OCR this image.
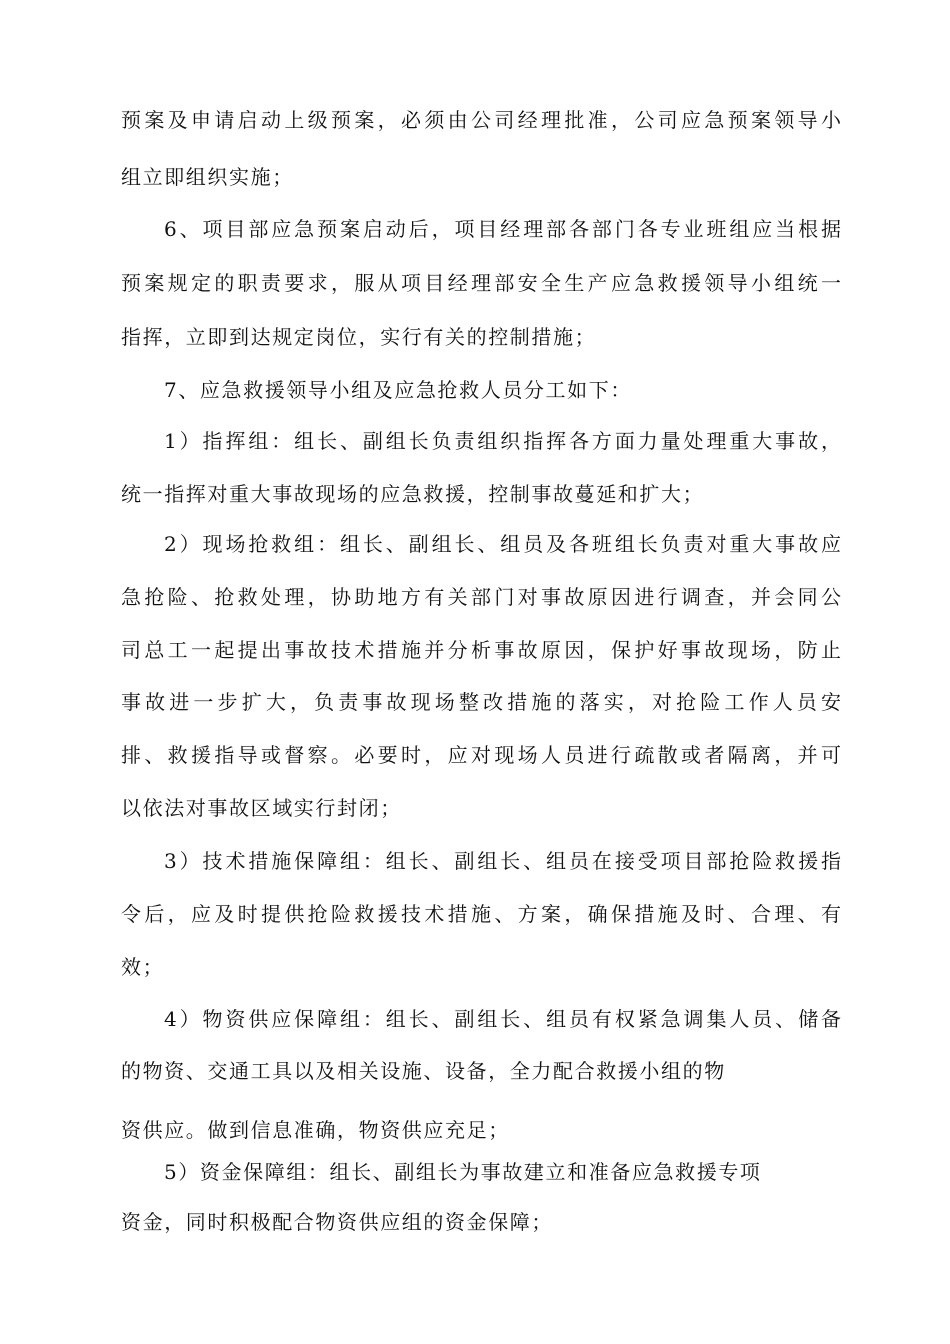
预案及申请启动上级预案，必须由公司经理批准，公司应急预案领导小
组立即组织实施；
6、项目部应急预案启动后，项目经理部各部门各专业班组应当根据
预案规定的职责要求，服从项目经理部安全生产应急救援领导小组统一
指挥，立即到达规定岗位，实行有关的控制措施；
7、应急救援领导小组及应急抢救人员分工如下：
1）指挥组：组长、副组长负责组织指挥各方面力量处理重大事故，
统一指挥对重大事故现场的应急救援，控制事故蔓延和扩大；
2）现场抢救组：组长、副组长、组员及各班组长负责对重大事故应
急抢险、抢救处理，协助地方有关部门对事故原因进行调查，并会同公
司总工一起提出事故技术措施并分析事故原因，保护好事故现场，防止
事故进一步扩大，负责事故现场整改措施的落实，对抢险工作人员安
排、救援指导或督察。必要时，应对现场人员进行疏散或者隔离，并可
以依法对事故区域实行封闭；
3）技术措施保障组：组长、副组长、组员在接受项目部抢险救援指
令后，应及时提供抢险救援技术措施、方案，确保措施及时、合理、有
效；
4）物资供应保障组：组长、副组长、组员有权紧急调集人员、储备
的物资、交通工具以及相关设施、设备，全力配合救援小组的物
资供应。做到信息准确，物资供应充足；
5）资金保障组：组长、副组长为事故建立和准备应急救援专项
资金，同时积极配合物资供应组的资金保障；
